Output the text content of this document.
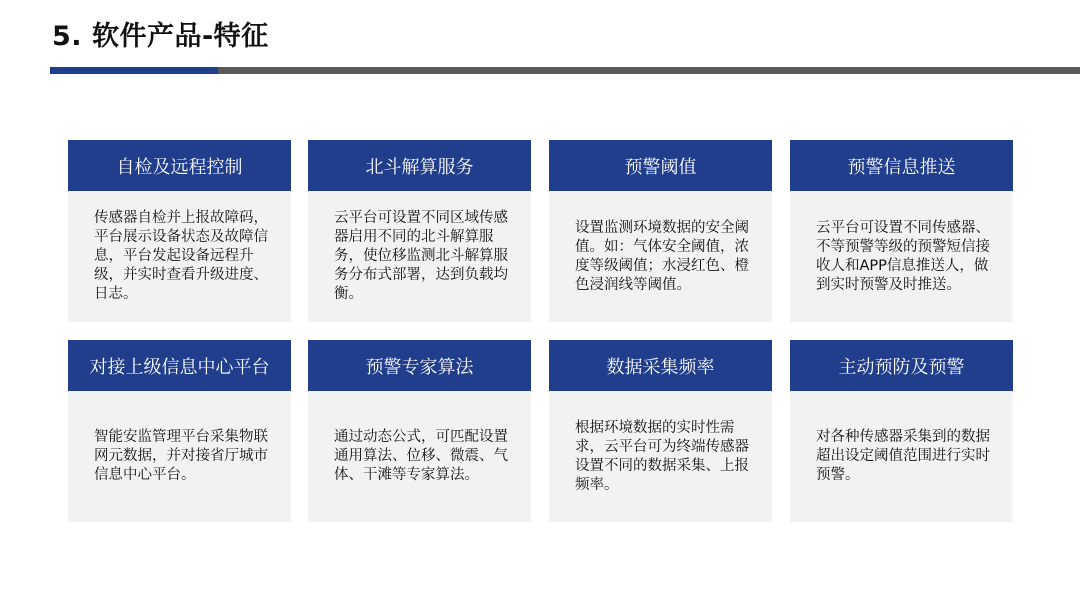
5. 软件产品-特征
自检及远程控制
传感器自检并上报故障码，平台展示设备状态及故障信息，平台发起设备远程升级，并实时查看升级进度、日志。
北斗解算服务
云平台可设置不同区域传感器启用不同的北斗解算服务，使位移监测北斗解算服务分布式部署，达到负载均衡。
预警阈值
设置监测环境数据的安全阈值。如：气体安全阈值，浓度等级阈值；水浸红色、橙色浸润线等阈值。
预警信息推送
云平台可设置不同传感器、不等预警等级的预警短信接收人和APP信息推送人，做到实时预警及时推送。
对接上级信息中心平台
智能安监管理平台采集物联网元数据，并对接省厅城市信息中心平台。
预警专家算法
通过动态公式，可匹配设置通用算法、位移、微震、气体、干滩等专家算法。
数据采集频率
根据环境数据的实时性需求，云平台可为终端传感器设置不同的数据采集、上报频率。
主动预防及预警
对各种传感器采集到的数据超出设定阈值范围进行实时预警。
